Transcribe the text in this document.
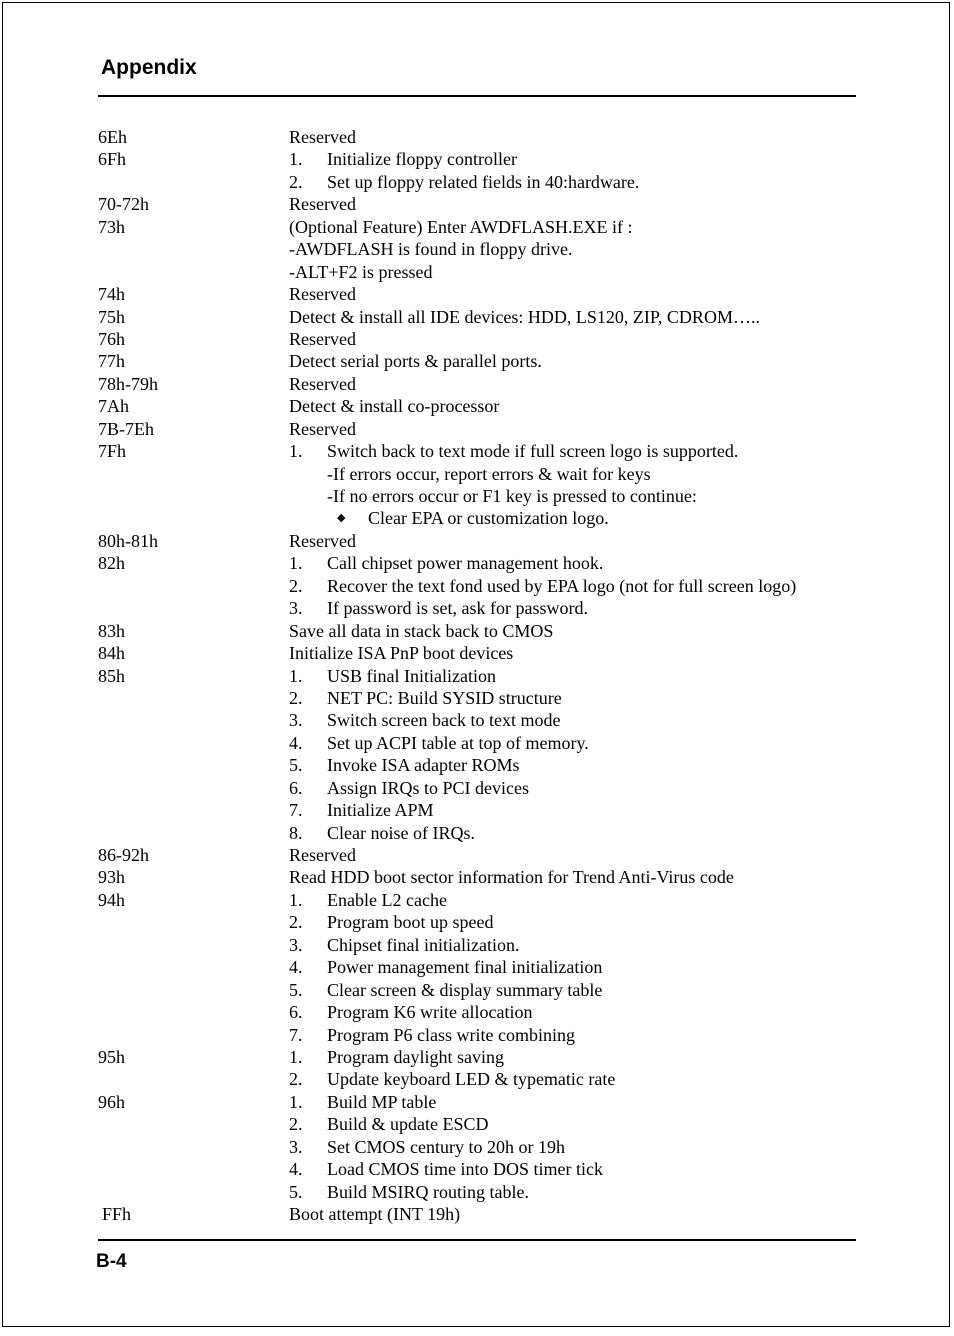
Appendix
6Eh	Reserved
6Fh	1. Initialize floppy controller
2. Set up floppy related fields in 40:hardware.
70-72h	Reserved
73h	(Optional Feature) Enter AWDFLASH.EXE if :
-AWDFLASH is found in floppy drive.
-ALT+F2 is pressed
74h	Reserved
75h	Detect & install all IDE devices: HDD, LS120, ZIP, CDROM…..
76h	Reserved
77h	Detect serial ports & parallel ports.
78h-79h	Reserved
7Ah	Detect & install co-processor
7B-7Eh	Reserved
7Fh	1. Switch back to text mode if full screen logo is supported.
-If errors occur, report errors & wait for keys
-If no errors occur or F1 key is pressed to continue:
◆ Clear EPA or customization logo.
80h-81h	Reserved
82h	1. Call chipset power management hook.
2. Recover the text fond used by EPA logo (not for full screen logo)
3. If password is set, ask for password.
83h	Save all data in stack back to CMOS
84h	Initialize ISA PnP boot devices
85h	1. USB final Initialization
2. NET PC: Build SYSID structure
3. Switch screen back to text mode
4. Set up ACPI table at top of memory.
5. Invoke ISA adapter ROMs
6. Assign IRQs to PCI devices
7. Initialize APM
8. Clear noise of IRQs.
86-92h	Reserved
93h	Read HDD boot sector information for Trend Anti-Virus code
94h	1. Enable L2 cache
2. Program boot up speed
3. Chipset final initialization.
4. Power management final initialization
5. Clear screen & display summary table
6. Program K6 write allocation
7. Program P6 class write combining
95h	1. Program daylight saving
2. Update keyboard LED & typematic rate
96h	1. Build MP table
2. Build & update ESCD
3. Set CMOS century to 20h or 19h
4. Load CMOS time into DOS timer tick
5. Build MSIRQ routing table.
FFh	Boot attempt (INT 19h)
B-4
